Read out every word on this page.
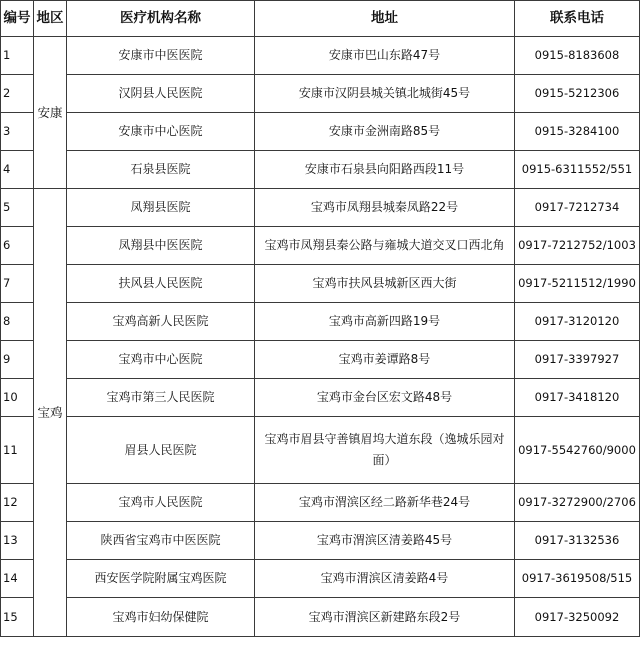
编号	地区	医疗机构名称	地址	联系电话
1	安康	安康市中医医院	安康市巴山东路47号	0915-8183608
2		汉阴县人民医院	安康市汉阴县城关镇北城街45号	0915-5212306
3		安康市中心医院	安康市金洲南路85号	0915-3284100
4		石泉县医院	安康市石泉县向阳路西段11号	0915-6311552/551
5	宝鸡	凤翔县医院	宝鸡市凤翔县城秦凤路22号	0917-7212734
6		凤翔县中医医院	宝鸡市凤翔县秦公路与雍城大道交叉口西北角	0917-7212752/1003
7		扶风县人民医院	宝鸡市扶风县城新区西大街	0917-5211512/1990
8		宝鸡高新人民医院	宝鸡市高新四路19号	0917-3120120
9		宝鸡市中心医院	宝鸡市姜谭路8号	0917-3397927
10		宝鸡市第三人民医院	宝鸡市金台区宏文路48号	0917-3418120
11		眉县人民医院	宝鸡市眉县守善镇眉坞大道东段（逸城乐园对面）	0917-5542760/9000
12		宝鸡市人民医院	宝鸡市渭滨区经二路新华巷24号	0917-3272900/2706
13		陕西省宝鸡市中医医院	宝鸡市渭滨区清姜路45号	0917-3132536
14		西安医学院附属宝鸡医院	宝鸡市渭滨区清姜路4号	0917-3619508/515
15		宝鸡市妇幼保健院	宝鸡市渭滨区新建路东段2号	0917-3250092
